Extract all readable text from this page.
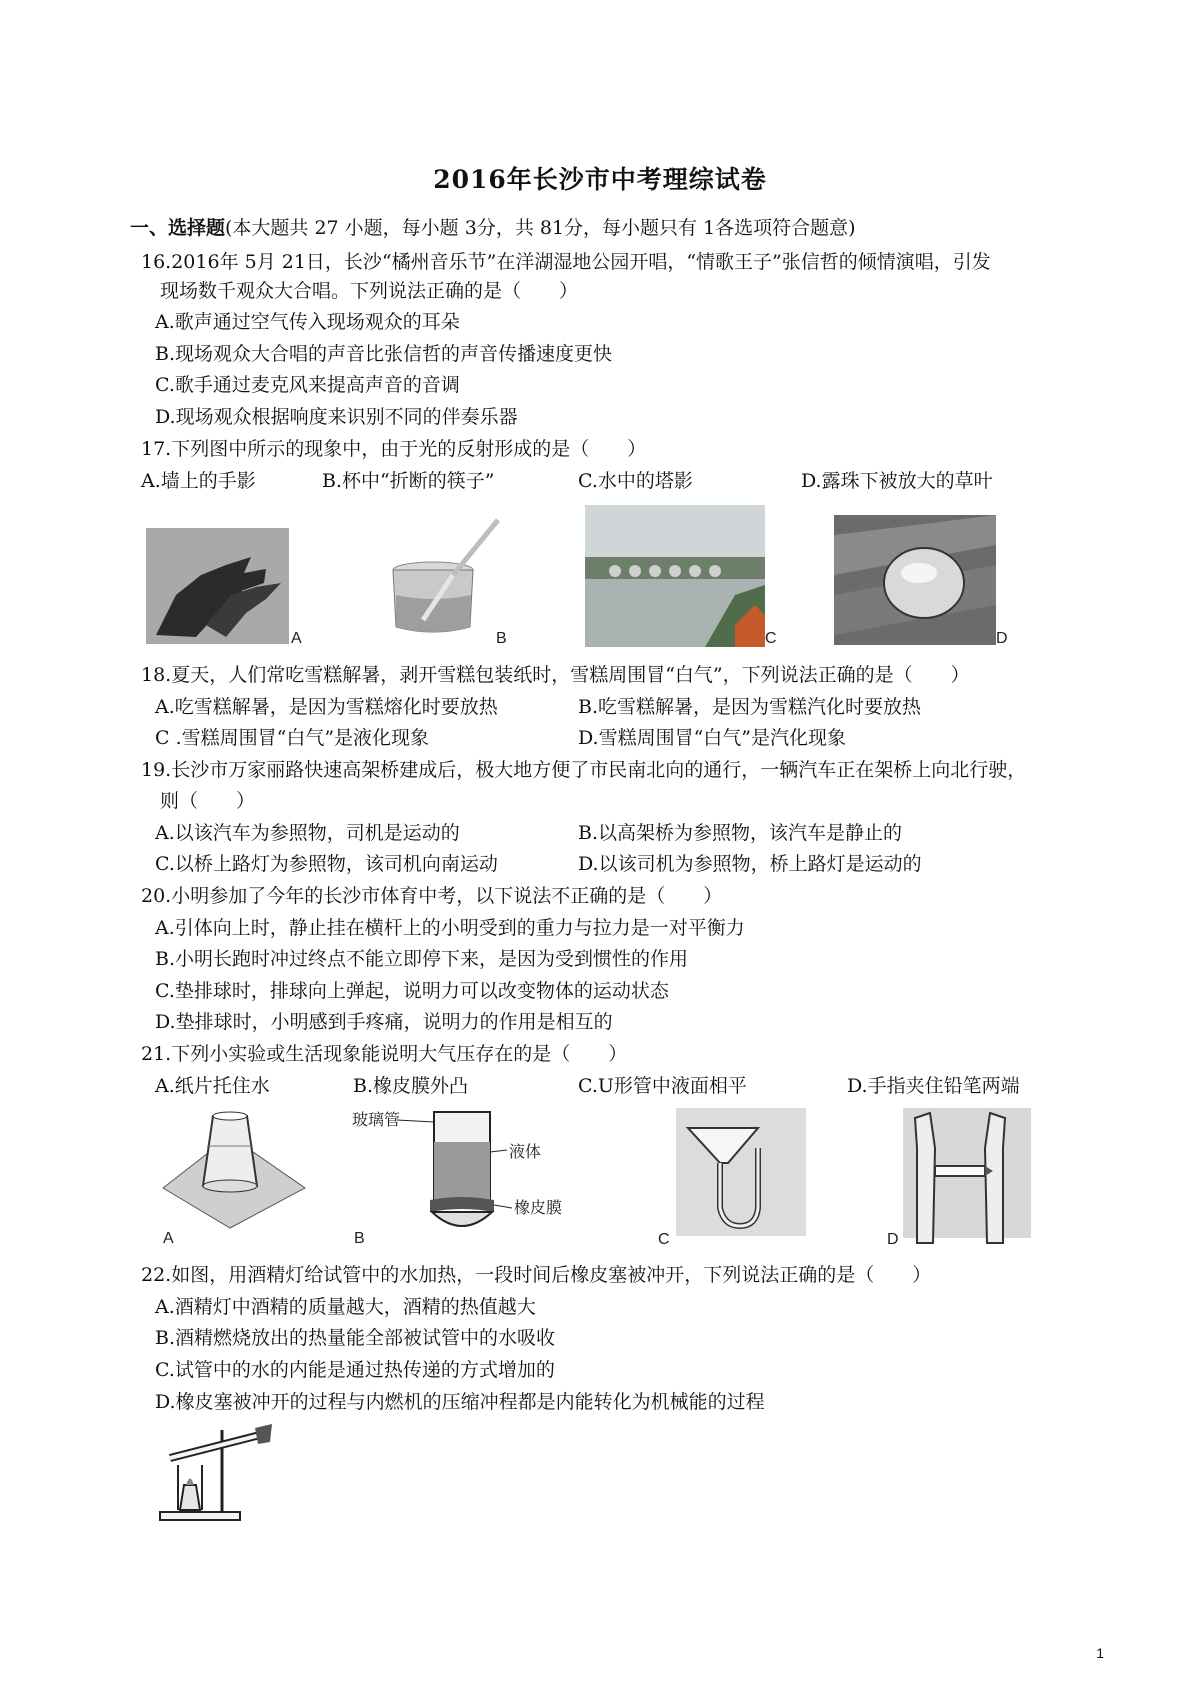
2016年长沙市中考理综试卷
一、选择题(本大题共 27 小题，每小题 3分，共 81分，每小题只有 1各选项符合题意)
16.2016年 5月 21日，长沙“橘州音乐节”在洋湖湿地公园开唱，“情歌王子”张信哲的倾情演唱，引发
现场数千观众大合唱。下列说法正确的是（　　）
A.歌声通过空气传入现场观众的耳朵
B.现场观众大合唱的声音比张信哲的声音传播速度更快
C.歌手通过麦克风来提高声音的音调
D.现场观众根据响度来识别不同的伴奏乐器
17.下列图中所示的现象中，由于光的反射形成的是（　　）
A.墙上的手影	B.杯中“折断的筷子”	C.水中的塔影	D.露珠下被放大的草叶
A	B	C	D
18.夏天，人们常吃雪糕解暑，剥开雪糕包装纸时，雪糕周围冒“白气”，下列说法正确的是（　　）
A.吃雪糕解暑，是因为雪糕熔化时要放热	B.吃雪糕解暑，是因为雪糕汽化时要放热
C .雪糕周围冒“白气”是液化现象	D.雪糕周围冒“白气”是汽化现象
19.长沙市万家丽路快速高架桥建成后，极大地方便了市民南北向的通行，一辆汽车正在架桥上向北行驶，
则（　　）
A.以该汽车为参照物，司机是运动的	B.以高架桥为参照物，该汽车是静止的
C.以桥上路灯为参照物，该司机向南运动	D.以该司机为参照物，桥上路灯是运动的
20.小明参加了今年的长沙市体育中考，以下说法不正确的是（　　）
A.引体向上时，静止挂在横杆上的小明受到的重力与拉力是一对平衡力
B.小明长跑时冲过终点不能立即停下来，是因为受到惯性的作用
C.垫排球时，排球向上弹起，说明力可以改变物体的运动状态
D.垫排球时，小明感到手疼痛，说明力的作用是相互的
21.下列小实验或生活现象能说明大气压存在的是（　　）
A.纸片托住水	B.橡皮膜外凸	C.U形管中液面相平	D.手指夹住铅笔两端
A
玻璃管
液体
橡皮膜
B	C	D
22.如图，用酒精灯给试管中的水加热，一段时间后橡皮塞被冲开，下列说法正确的是（　　）
A.酒精灯中酒精的质量越大，酒精的热值越大
B.酒精燃烧放出的热量能全部被试管中的水吸收
C.试管中的水的内能是通过热传递的方式增加的
D.橡皮塞被冲开的过程与内燃机的压缩冲程都是内能转化为机械能的过程
1
